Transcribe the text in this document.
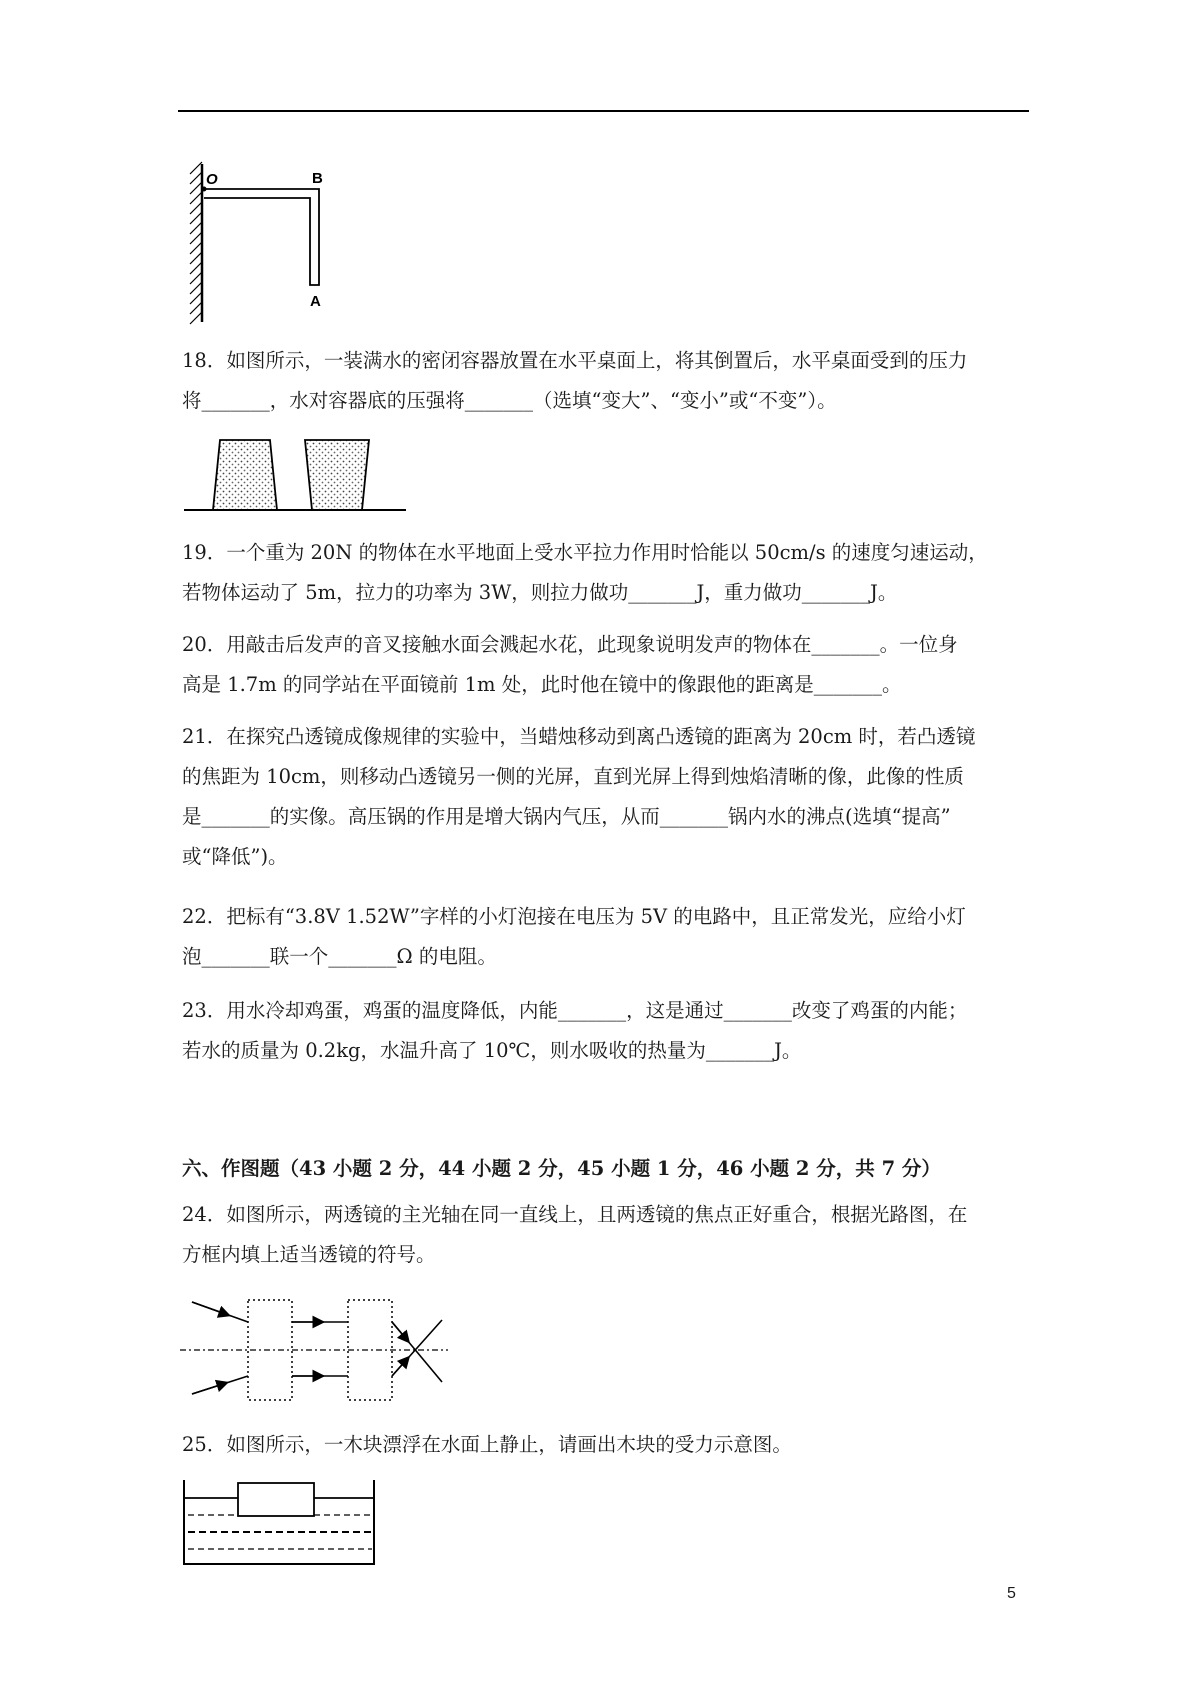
O	B
A
18．如图所示，一装满水的密闭容器放置在水平桌面上，将其倒置后，水平桌面受到的压力
将_______，水对容器底的压强将_______（选填“变大”、“变小”或“不变”）。
19．一个重为 20N 的物体在水平地面上受水平拉力作用时恰能以 50cm/s 的速度匀速运动，
若物体运动了 5m，拉力的功率为 3W，则拉力做功_______J，重力做功_______J。
20．用敲击后发声的音叉接触水面会溅起水花，此现象说明发声的物体在_______。一位身
高是 1.7m 的同学站在平面镜前 1m 处，此时他在镜中的像跟他的距离是_______。
21．在探究凸透镜成像规律的实验中，当蜡烛移动到离凸透镜的距离为 20cm 时，若凸透镜
的焦距为 10cm，则移动凸透镜另一侧的光屏，直到光屏上得到烛焰清晰的像，此像的性质
是_______的实像。高压锅的作用是增大锅内气压，从而_______锅内水的沸点(选填“提高”
或“降低”)。
22．把标有“3.8V 1.52W”字样的小灯泡接在电压为 5V 的电路中，且正常发光，应给小灯
泡_______联一个_______Ω 的电阻。
23．用水冷却鸡蛋，鸡蛋的温度降低，内能_______，这是通过_______改变了鸡蛋的内能；
若水的质量为 0.2kg，水温升高了 10℃，则水吸收的热量为_______J。
六、作图题（43 小题 2 分，44 小题 2 分，45 小题 1 分，46 小题 2 分，共 7 分）
24．如图所示，两透镜的主光轴在同一直线上，且两透镜的焦点正好重合，根据光路图，在
方框内填上适当透镜的符号。
25．如图所示，一木块漂浮在水面上静止，请画出木块的受力示意图。
5
